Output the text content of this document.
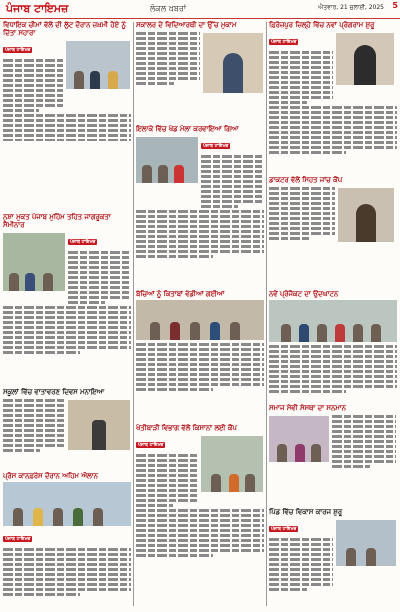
ਪੰਜਾਬ ਟਾਇਮਜ਼	ਲੋਕਲ ਖ਼ਬਰਾਂ	ਐਤਵਾਰ, 21 ਜੁਲਾਈ, 2025 5
ਵਿਧਾਇਕ ਚੀਮਾਂ ਵੱਲੋਂ ਦੀ ਲੁੱਟ ਦੌਰਾਨ ਜ਼ਖ਼ਮੀ ਹੋਏ ਨੂੰ ਦਿੱਤਾ ਸਹਾਰਾ
ਪੰਜਾਬ ਟਾਇਮਜ਼
ਨਸ਼ਾ ਮੁਕਤ ਪੰਜਾਬ ਮੁਹਿੰਮ ਤਹਿਤ ਜਾਗਰੂਕਤਾ ਸੈਮੀਨਾਰ
ਪੰਜਾਬ ਟਾਇਮਜ਼
ਸਕੂਲਾਂ ਵਿੱਚ ਵਾਤਾਵਰਣ ਦਿਵਸ ਮਨਾਇਆ
ਪ੍ਰੈਸ ਕਾਨਫ਼ਰੰਸ ਦੌਰਾਨ ਅਹਿਮ ਐਲਾਨ
ਪੰਜਾਬ ਟਾਇਮਜ਼
ਸਕਾਲਰ ਦੇ ਵਿਦਿਆਰਥੀ ਦਾ ਉੱਚ ਮੁਕਾਮ
ਇਲਾਕੇ ਵਿੱਚ ਖੇਡ ਮੇਲਾ ਕਰਵਾਇਆ ਗਿਆ
ਪੰਜਾਬ ਟਾਇਮਜ਼
ਬੱਚਿਆਂ ਨੂੰ ਕਿਤਾਬਾਂ ਵੰਡੀਆਂ ਗਈਆਂ
ਖੇਤੀਬਾੜੀ ਵਿਭਾਗ ਵੱਲੋਂ ਕਿਸਾਨਾਂ ਲਈ ਕੈਂਪ
ਪੰਜਾਬ ਟਾਇਮਜ਼
ਫ਼ਿਰੋਜ਼ਪੁਰ ਜ਼ਿਲ੍ਹੇ ਵਿੱਚ ਨਵਾਂ ਪ੍ਰੋਗਰਾਮ ਸ਼ੁਰੂ
ਪੰਜਾਬ ਟਾਇਮਜ਼
ਡਾਕਟਰ ਵੱਲੋਂ ਸਿਹਤ ਜਾਂਚ ਕੈਂਪ
ਨਵੇਂ ਪ੍ਰੋਜੈਕਟ ਦਾ ਉਦਘਾਟਨ
ਸਮਾਜ ਸੇਵੀ ਸੰਸਥਾ ਦਾ ਸਨਮਾਨ
ਪਿੰਡ ਵਿੱਚ ਵਿਕਾਸ ਕਾਰਜ ਸ਼ੁਰੂ
ਪੰਜਾਬ ਟਾਇਮਜ਼
